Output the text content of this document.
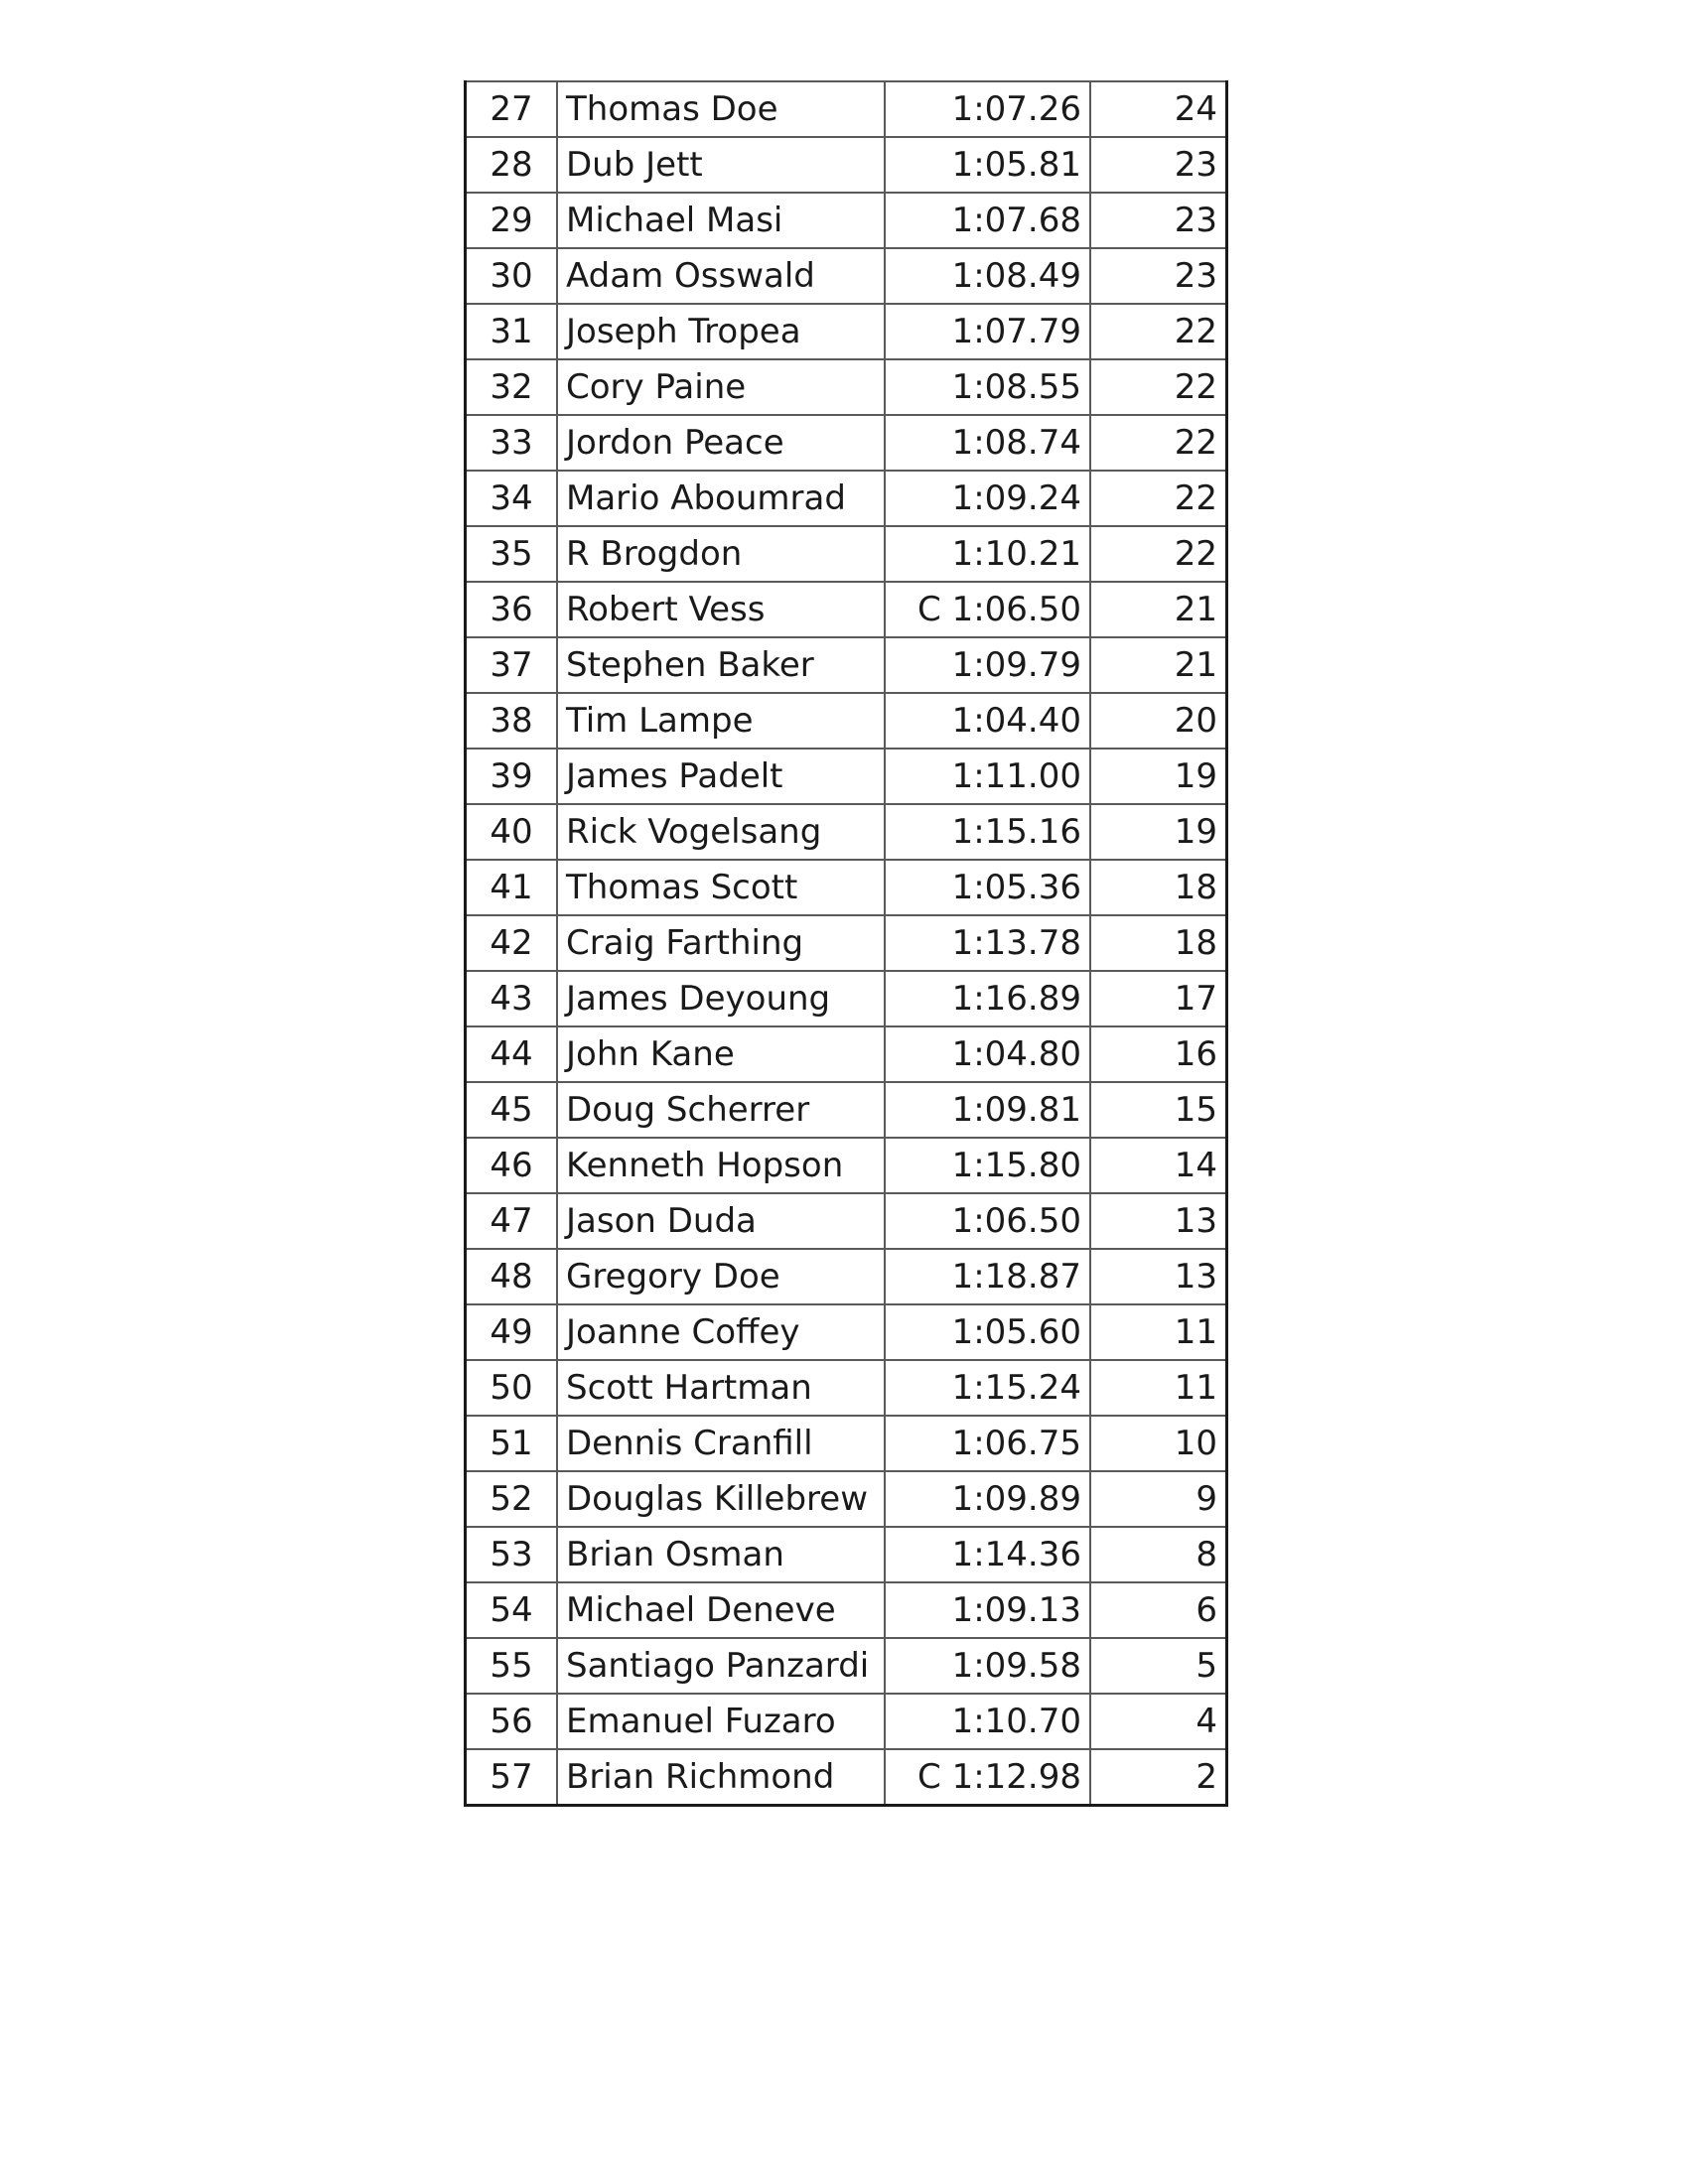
27	Thomas Doe	1:07.26	24
28	Dub Jett	1:05.81	23
29	Michael Masi	1:07.68	23
30	Adam Osswald	1:08.49	23
31	Joseph Tropea	1:07.79	22
32	Cory Paine	1:08.55	22
33	Jordon Peace	1:08.74	22
34	Mario Aboumrad	1:09.24	22
35	R Brogdon	1:10.21	22
36	Robert Vess	C 1:06.50	21
37	Stephen Baker	1:09.79	21
38	Tim Lampe	1:04.40	20
39	James Padelt	1:11.00	19
40	Rick Vogelsang	1:15.16	19
41	Thomas Scott	1:05.36	18
42	Craig Farthing	1:13.78	18
43	James Deyoung	1:16.89	17
44	John Kane	1:04.80	16
45	Doug Scherrer	1:09.81	15
46	Kenneth Hopson	1:15.80	14
47	Jason Duda	1:06.50	13
48	Gregory Doe	1:18.87	13
49	Joanne Coffey	1:05.60	11
50	Scott Hartman	1:15.24	11
51	Dennis Cranfill	1:06.75	10
52	Douglas Killebrew	1:09.89	9
53	Brian Osman	1:14.36	8
54	Michael Deneve	1:09.13	6
55	Santiago Panzardi	1:09.58	5
56	Emanuel Fuzaro	1:10.70	4
57	Brian Richmond	C 1:12.98	2
